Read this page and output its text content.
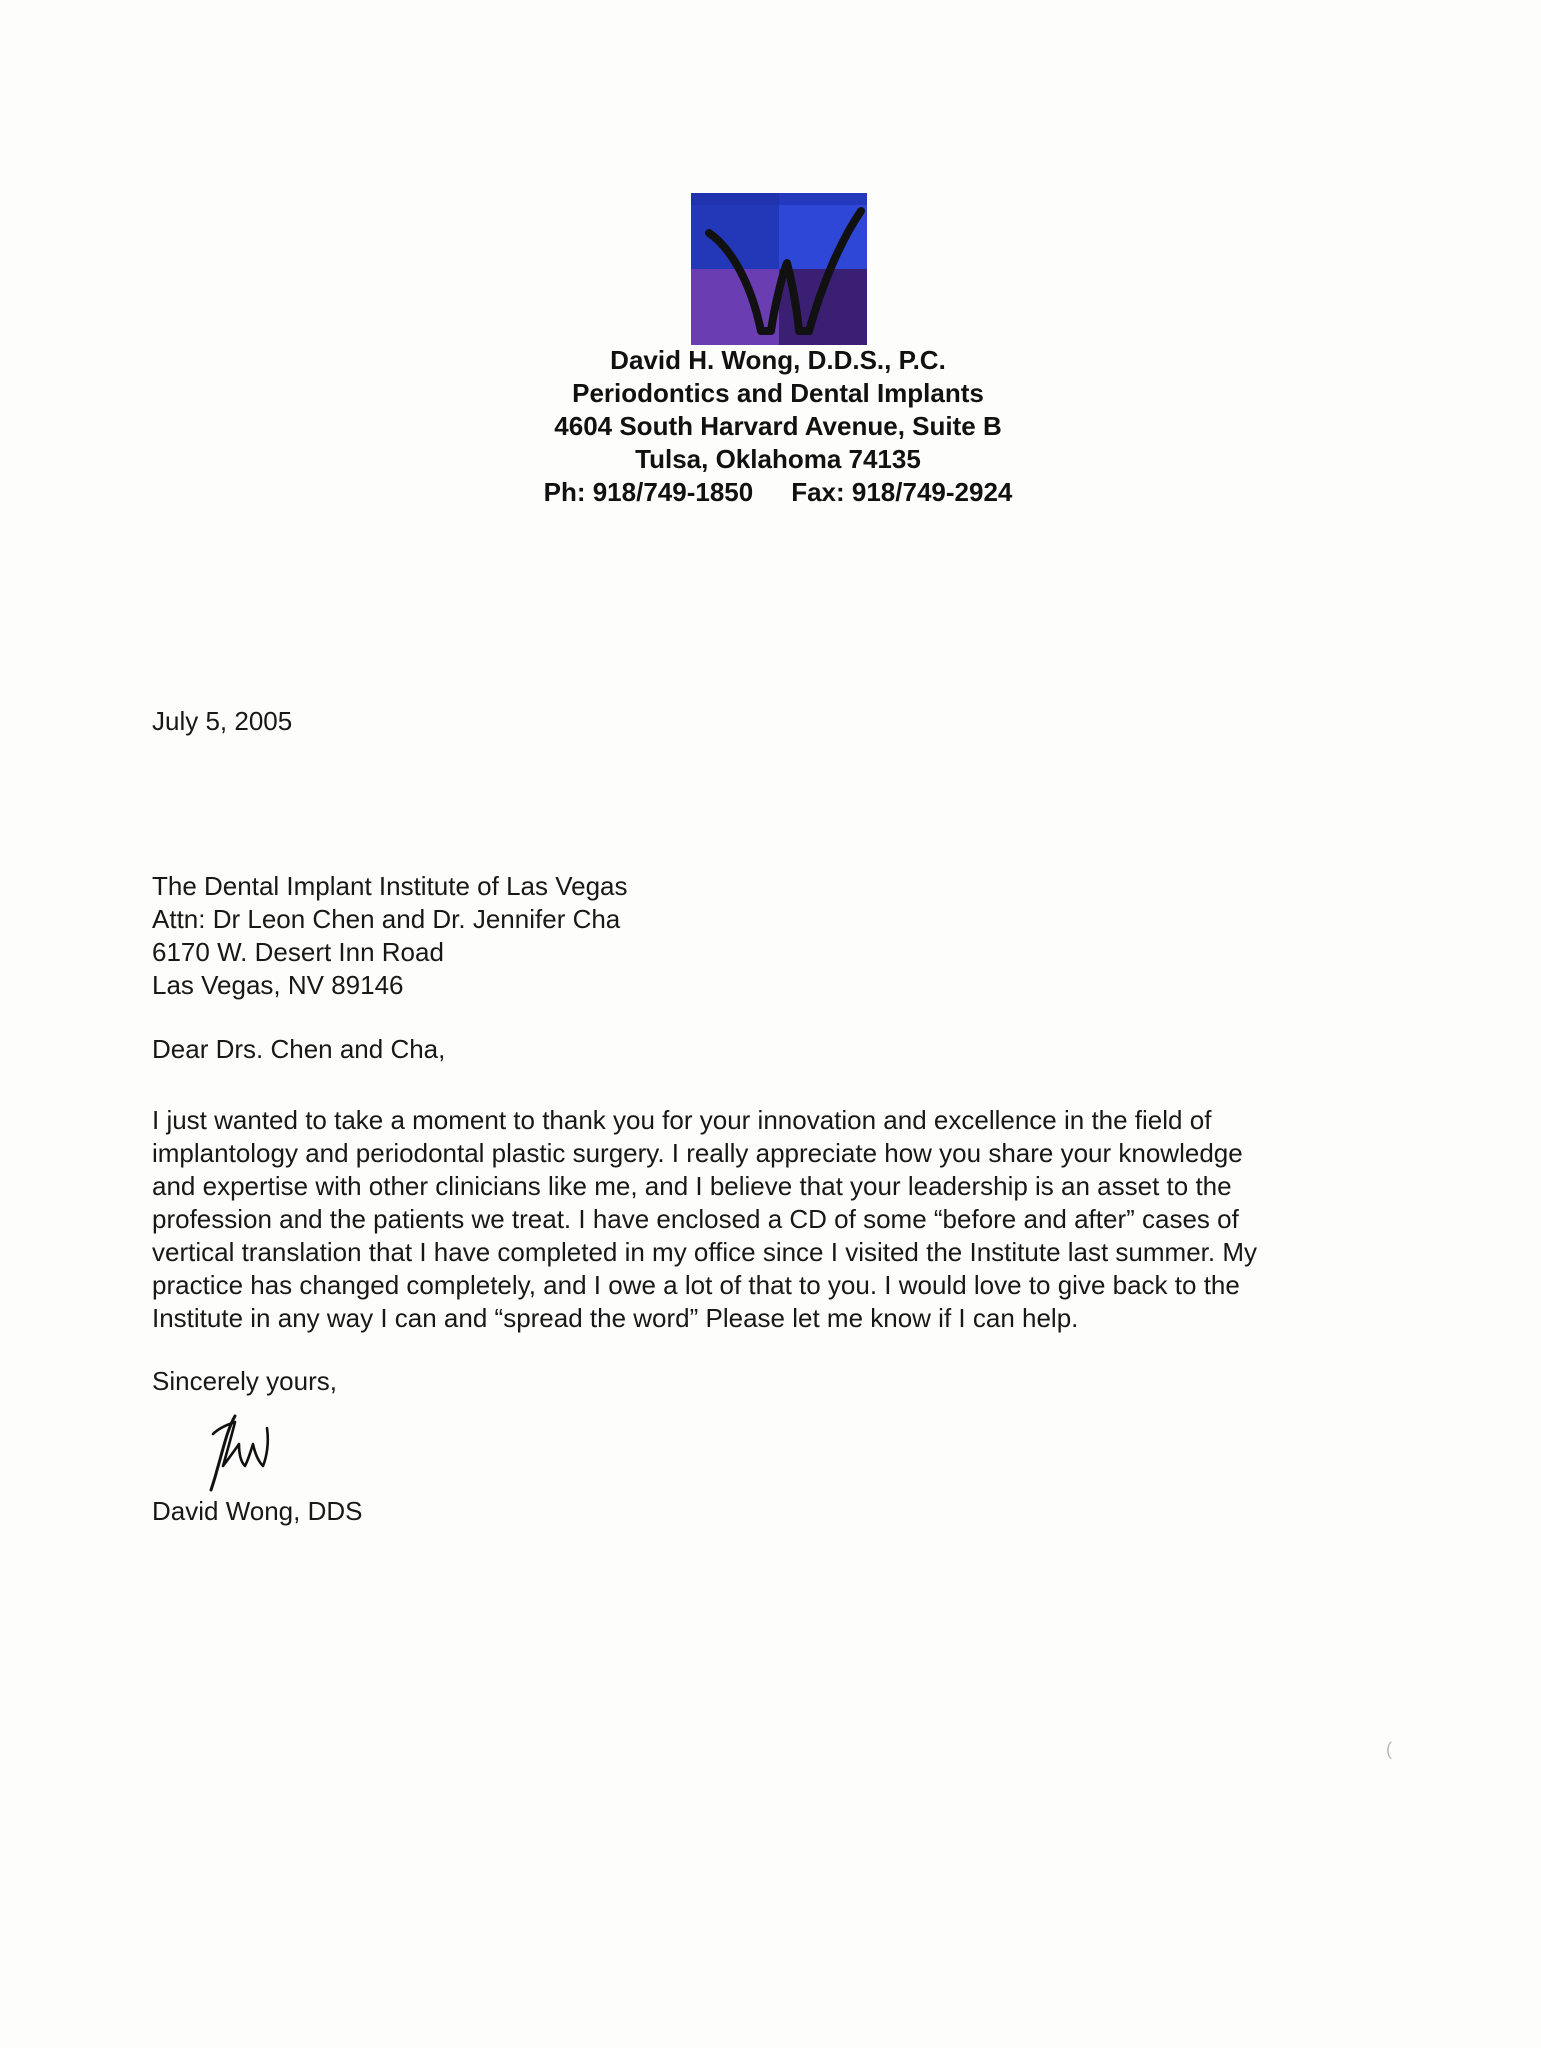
David H. Wong, D.D.S., P.C.
Periodontics and Dental Implants
4604 South Harvard Avenue, Suite B
Tulsa, Oklahoma 74135
Ph: 918/749-1850 Fax: 918/749-2924
July 5, 2005
The Dental Implant Institute of Las Vegas
Attn: Dr Leon Chen and Dr. Jennifer Cha
6170 W. Desert Inn Road
Las Vegas, NV 89146
Dear Drs. Chen and Cha,
I just wanted to take a moment to thank you for your innovation and excellence in the field of
implantology and periodontal plastic surgery. I really appreciate how you share your knowledge
and expertise with other clinicians like me, and I believe that your leadership is an asset to the
profession and the patients we treat. I have enclosed a CD of some “before and after” cases of
vertical translation that I have completed in my office since I visited the Institute last summer. My
practice has changed completely, and I owe a lot of that to you. I would love to give back to the
Institute in any way I can and “spread the word” Please let me know if I can help.
Sincerely yours,
David Wong, DDS
(
